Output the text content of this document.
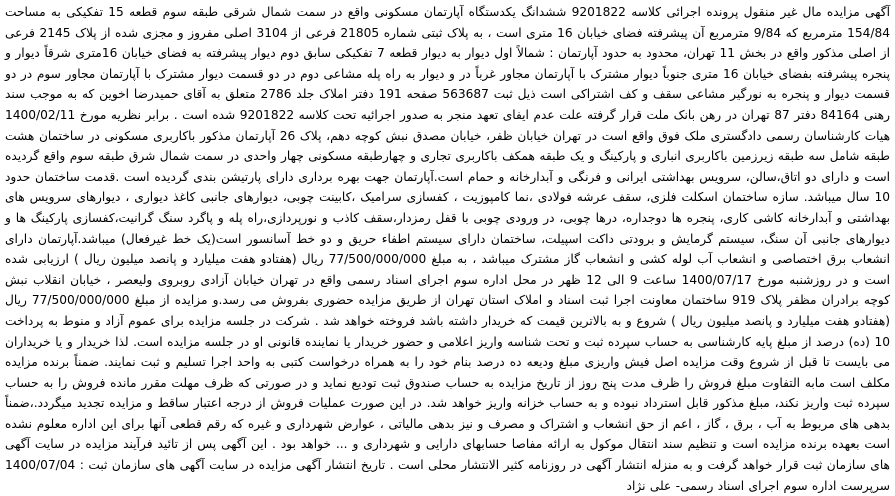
آگهی مزایده مال غیر منقول پرونده اجرائی کلاسه 9201822 ششدانگ یکدستگاه آپارتمان مسکونی واقع در سمت شمال شرقی طبقه سوم قطعه 15 تفکیکی به مساحت 154/84 مترمربع که 9/84 مترمربع آن پیشرفته فضای خیابان 16 متری است ، به پلاک ثبتی شماره 21805 فرعی از 3104 اصلی مفروز و مجزی شده از پلاک 2145 فرعی از اصلی مذکور واقع در بخش 11 تهران، محدود به حدود آپارتمان : شمالاً اول دیوار به دیوار قطعه 7 تفکیکی سابق دوم دیوار پیشرفته به فضای خیابان 16متری شرقاً دیوار و پنجره پیشرفته بفضای خیابان 16 متری جنوباً دیوار مشترک با آپارتمان مجاور غرباً در و دیوار به راه پله مشاعی دوم در دو قسمت دیوار مشترک با آپارتمان مجاور سوم در دو قسمت دیوار و پنجره به نورگیر مشاعی سقف و کف اشتراکی است ذیل ثبت 563687 صفحه 191 دفتر املاک جلد 2786 متعلق به آقای حمیدرضا اخوین که به موجب سند رهنی 84164 دفتر 87 تهران در رهن بانک ملت قرار گرفته علت عدم ایفای تعهد منجر به صدور اجرائیه تحت کلاسه 9201822 شده است . برابر نظریه مورخ 1400/02/11 هیات کارشناسان رسمی دادگستری ملک فوق واقع است در تهران خیابان ظفر، خیابان مصدق نبش کوچه دهم، پلاک 26 آپارتمان مذکور باکاربری مسکونی در ساختمان هشت طبقه شامل سه طبقه زیرزمین باکاربری انباری و پارکینگ و یک طبقه همکف باکاربری تجاری و چهارطبقه مسکونی چهار واحدی در سمت شمال شرق طبقه سوم واقع گردیده است و دارای دو اتاق،سالن، سرویس بهداشتی ایرانی و فرنگی و آبدارخانه و حمام است.آپارتمان جهت بهره برداری دارای پارتیشن بندی گردیده است .قدمت ساختمان حدود 10 سال میباشد. سازه ساختمان اسکلت فلزی، سقف عرشه فولادی ،نما کامپوزیت ، کفسازی سرامیک ،کابینت چوبی، دیوارهای جانبی کاغذ دیواری ، دیوارهای سرویس های بهداشتی و آبدارخانه کاشی کاری، پنجره ها دوجداره، درها چوبی، در ورودی چوبی با قفل رمزدار،سقف کاذب و نورپردازی،راه پله و پاگرد سنگ گرانیت،کفسازی پارکینگ ها و دیوارهای جانبی آن سنگ، سیستم گرمایش و برودتی داکت اسپیلت، ساختمان دارای سیستم اطفاء حریق و دو خط آسانسور است(یک خط غیرفعال) میباشد.آپارتمان دارای انشعاب برق اختصاصی و انشعاب آب لوله کشی و انشعاب گاز مشترک میباشد ، به مبلغ 77/500/000/000 ریال (هفتادو هفت میلیارد و پانصد میلیون ریال ) ارزیابی شده است و در روزشنبه مورخ 1400/07/17 ساعت 9 الی 12 ظهر در محل اداره سوم اجرای اسناد رسمی واقع در تهران خیابان آزادی روبروی ولیعصر ، خیابان انقلاب نبش کوچه برادران مظفر پلاک 919 ساختمان معاونت اجرا ثبت اسناد و املاک استان تهران از طریق مزایده حضوری بفروش می رسد.و مزایده از مبلغ 77/500/000/000 ریال (هفتادو هفت میلیارد و پانصد میلیون ریال ) شروع و به بالاترین قیمت که خریدار داشته باشد فروخته خواهد شد . شرکت در جلسه مزایده برای عموم آزاد و منوط به پرداخت 10 (ده) درصد از مبلغ پایه کارشناسی به حساب سپرده ثبت و تحت شناسه واریز اعلامی و حضور خریدار یا نماینده قانونی او در جلسه مزایده است. لذا خریدار و یا خریداران می بایست تا قبل از شروع وقت مزایده اصل فیش واریزی مبلغ ودیعه ده درصد بنام خود را به همراه درخواست کتبی به واحد اجرا تسلیم و ثبت نمایند. ضمناً برنده مزایده مکلف است مابه التفاوت مبلغ فروش را ظرف مدت پنج روز از تاریخ مزایده به حساب صندوق ثبت تودیع نماید و در صورتی که ظرف مهلت مقرر مانده فروش را به حساب سپرده ثبت واریز نکند، مبلغ مذکور قابل استرداد نبوده و به حساب خزانه واریز خواهد شد. در این صورت عملیات فروش از درجه اعتبار ساقط و مزایده تجدید میگردد.،ضمناً بدهی های مربوط به آب ، برق ، گاز ، اعم از حق انشعاب و اشتراک و مصرف و نیز بدهی مالیاتی ، عوارض شهرداری و غیره که رقم قطعی آنها برای این اداره معلوم نشده است بعهده برنده مزایده است و تنظیم سند انتقال موکول به ارائه مفاصا حسابهای دارایی و شهرداری و ... خواهد بود . این آگهی پس از تائید فرآیند مزایده در سایت آگهی های سازمان ثبت قرار خواهد گرفت و به منزله انتشار آگهی در روزنامه کثیر الانتشار محلی است . تاریخ انتشار آگهی مزایده در سایت آگهی های سازمان ثبت : 1400/07/04 سرپرست اداره سوم اجرای اسناد رسمی- علی نژاد
